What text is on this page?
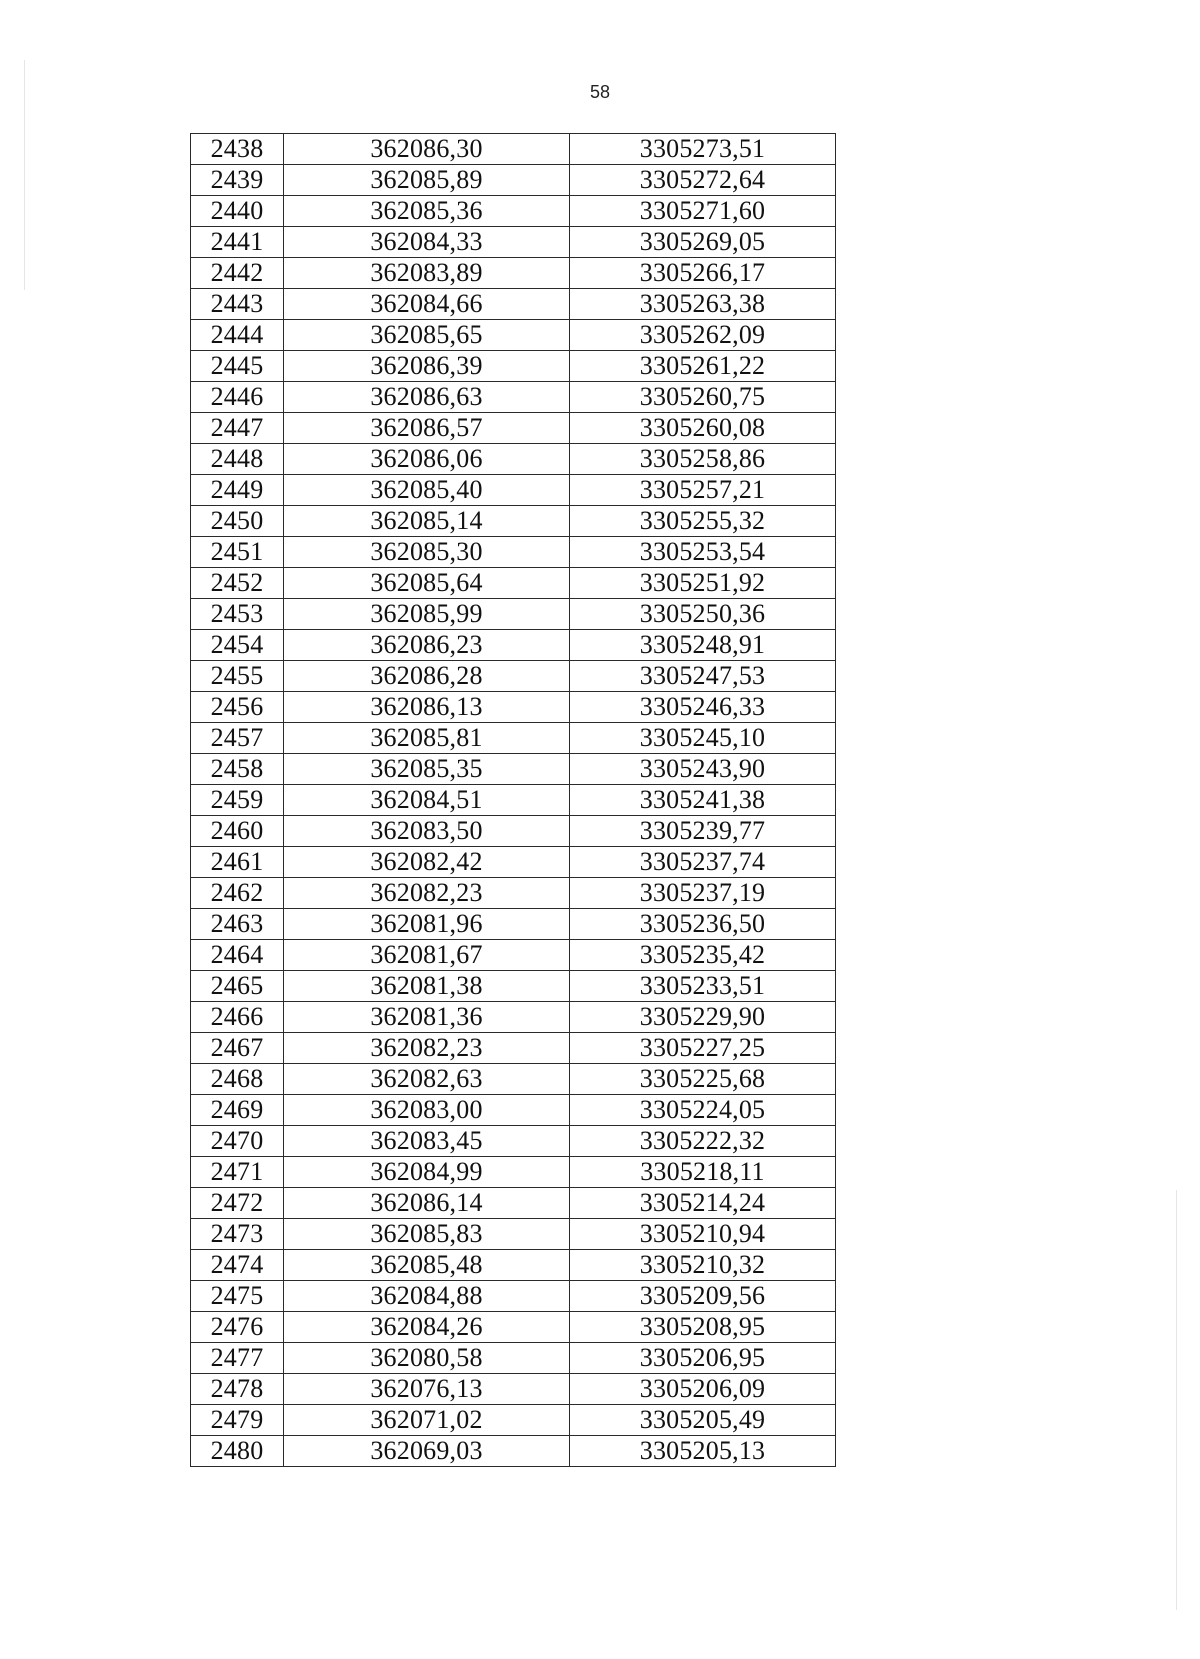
58
2438	362086,30	3305273,51
2439	362085,89	3305272,64
2440	362085,36	3305271,60
2441	362084,33	3305269,05
2442	362083,89	3305266,17
2443	362084,66	3305263,38
2444	362085,65	3305262,09
2445	362086,39	3305261,22
2446	362086,63	3305260,75
2447	362086,57	3305260,08
2448	362086,06	3305258,86
2449	362085,40	3305257,21
2450	362085,14	3305255,32
2451	362085,30	3305253,54
2452	362085,64	3305251,92
2453	362085,99	3305250,36
2454	362086,23	3305248,91
2455	362086,28	3305247,53
2456	362086,13	3305246,33
2457	362085,81	3305245,10
2458	362085,35	3305243,90
2459	362084,51	3305241,38
2460	362083,50	3305239,77
2461	362082,42	3305237,74
2462	362082,23	3305237,19
2463	362081,96	3305236,50
2464	362081,67	3305235,42
2465	362081,38	3305233,51
2466	362081,36	3305229,90
2467	362082,23	3305227,25
2468	362082,63	3305225,68
2469	362083,00	3305224,05
2470	362083,45	3305222,32
2471	362084,99	3305218,11
2472	362086,14	3305214,24
2473	362085,83	3305210,94
2474	362085,48	3305210,32
2475	362084,88	3305209,56
2476	362084,26	3305208,95
2477	362080,58	3305206,95
2478	362076,13	3305206,09
2479	362071,02	3305205,49
2480	362069,03	3305205,13
